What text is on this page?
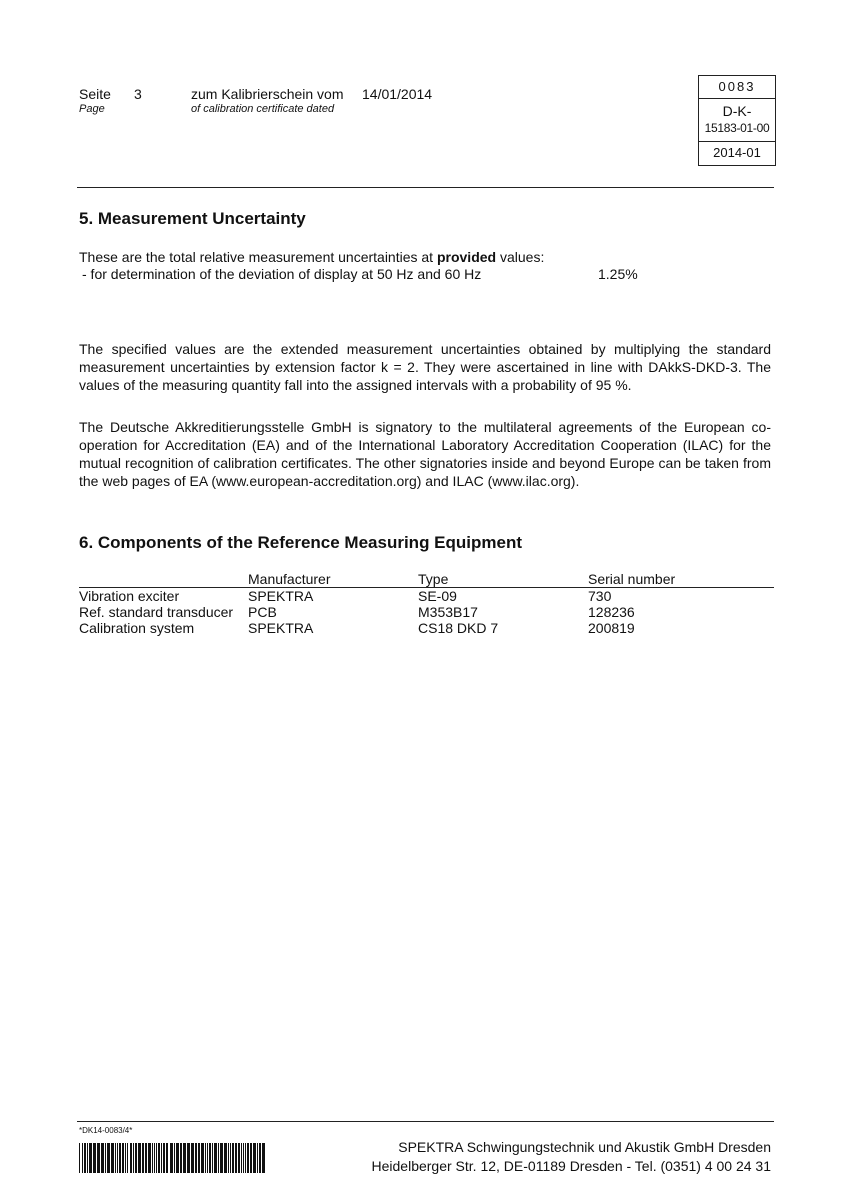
Seite 3
Page
zum Kalibrierschein vom 14/01/2014
of calibration certificate dated
0083
D-K-
15183-01-00
2014-01
5. Measurement Uncertainty
These are the total relative measurement uncertainties at provided values:
- for determination of the deviation of display at 50 Hz and 60 Hz	1.25%

The specified values are the extended measurement uncertainties obtained by multiplying the standard measurement uncertainties by extension factor k = 2. They were ascertained in line with DAkkS-DKD-3. The values of the measuring quantity fall into the assigned intervals with a probability of 95 %.

The Deutsche Akkreditierungsstelle GmbH is signatory to the multilateral agreements of the European co-operation for Accreditation (EA) and of the International Laboratory Accreditation Cooperation (ILAC) for the mutual recognition of calibration certificates. The other signatories inside and beyond Europe can be taken from the web pages of EA (www.european-accreditation.org) and ILAC (www.ilac.org).

6. Components of the Reference Measuring Equipment
	Manufacturer	Type	Serial number
Vibration exciter	SPEKTRA	SE-09	730
Ref. standard transducer	PCB	M353B17	128236
Calibration system	SPEKTRA	CS18 DKD 7	200819
*DK14-0083/4*
SPEKTRA Schwingungstechnik und Akustik GmbH Dresden
Heidelberger Str. 12, DE-01189 Dresden - Tel. (0351) 4 00 24 31
